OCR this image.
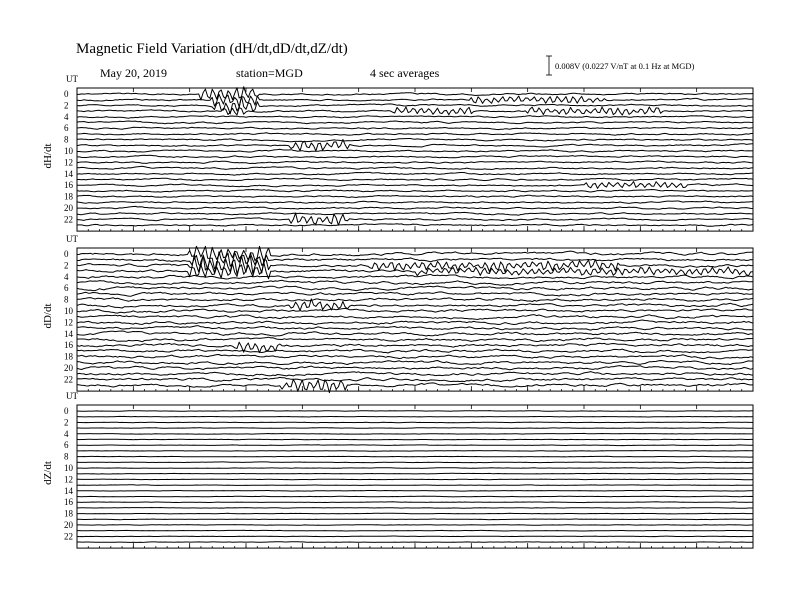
Magnetic Field Variation (dH/dt,dD/dt,dZ/dt)
May 20, 2019	station=MGD	4 sec averages	0.008V (0.0227 V/nT at 0.1 Hz at MGD)
UT
dH/dt
0
2
4
6
8
10
12
14
16
18
20
22
UT
dD/dt
0
2
4
6
8
10
12
14
16
18
20
22
UT
dZ/dt
0
2
4
6
8
10
12
14
16
18
20
22
